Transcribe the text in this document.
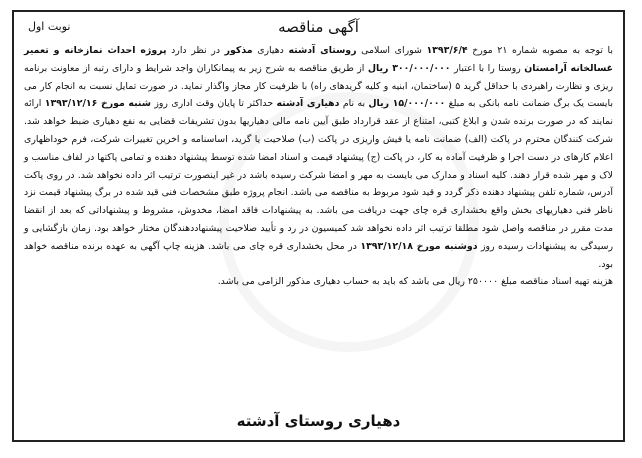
نوبت اول	آگهی مناقصه

با توجه به مصوبه شماره ۲۱ مورخ ۱۳۹۳/۶/۴ شورای اسلامی روستای آدشته دهیاری مذکور در نظر دارد پروژه احداث نمازخانه و تعمیر غسالخانه آرامستان روستا را با اعتبار ۳۰۰/۰۰۰/۰۰۰ ریال از طریق مناقصه به شرح زیر به پیمانکاران واجد شرایط و دارای رتبه از معاونت برنامه ریزی و نظارت راهبردی با حداقل گرید ۵ (ساختمان، ابنیه و کلیه گریدهای راه) با ظرفیت کار مجاز واگذار نماید. در صورت تمایل نسبت به انجام کار می بایست یک برگ ضمانت نامه بانکی به مبلغ ۱۵/۰۰۰/۰۰۰ ریال به نام دهیاری آدشته حداکثر تا پایان وقت اداری روز شنبه مورخ ۱۳۹۳/۱۲/۱۶ ارائه نمایند که در صورت برنده شدن و ابلاغ کتبی، امتناع از عقد قرارداد طبق آیین نامه مالی دهیاریها بدون تشریفات قضایی به نفع دهیاری ضبط خواهد شد. شرکت کنندگان محترم در پاکت (الف) ضمانت نامه یا فیش واریزی در پاکت (ب) صلاحیت یا گرید، اساسنامه و اخرین تغییرات شرکت، فرم خوداظهاری اعلام کارهای در دست اجرا و ظرفیت آماده به کار، در پاکت (ج) پیشنهاد قیمت و اسناد امضا شده توسط پیشنهاد دهنده و تمامی پاکتها در لفاف مناسب و لاک و مهر شده قرار دهند. کلیه اسناد و مدارک می بایست به مهر و امضا شرکت رسیده باشد در غیر اینصورت ترتیب اثر داده نخواهد شد. در روی پاکت آدرس، شماره تلفن پیشنهاد دهنده ذکر گردد و قید شود مربوط به مناقصه می باشد. انجام پروژه طبق مشخصات فنی قید شده در برگ پیشنهاد قیمت نزد ناظر فنی دهیاریهای بخش واقع بخشداری قره چای جهت دریافت می باشد. به پیشنهادات فاقد امضا، مخدوش، مشروط و پیشنهاداتی که بعد از انقضا مدت مقرر در مناقصه واصل شود مطلقا ترتیب اثر داده نخواهد شد کمیسیون در رد و تأیید صلاحیت پیشنهاددهندگان مختار خواهد بود. زمان بازگشایی و رسیدگی به پیشنهادات رسیده روز دوشنبه مورخ ۱۳۹۳/۱۲/۱۸ در محل بخشداری قره چای می باشد. هزینه چاپ آگهی به عهده برنده مناقصه خواهد بود.

هزینه تهیه اسناد مناقصه مبلغ ۲۵۰۰۰۰ ریال می باشد که باید به حساب دهیاری مذکور الزامی می باشد.

دهیاری روستای آدشته
